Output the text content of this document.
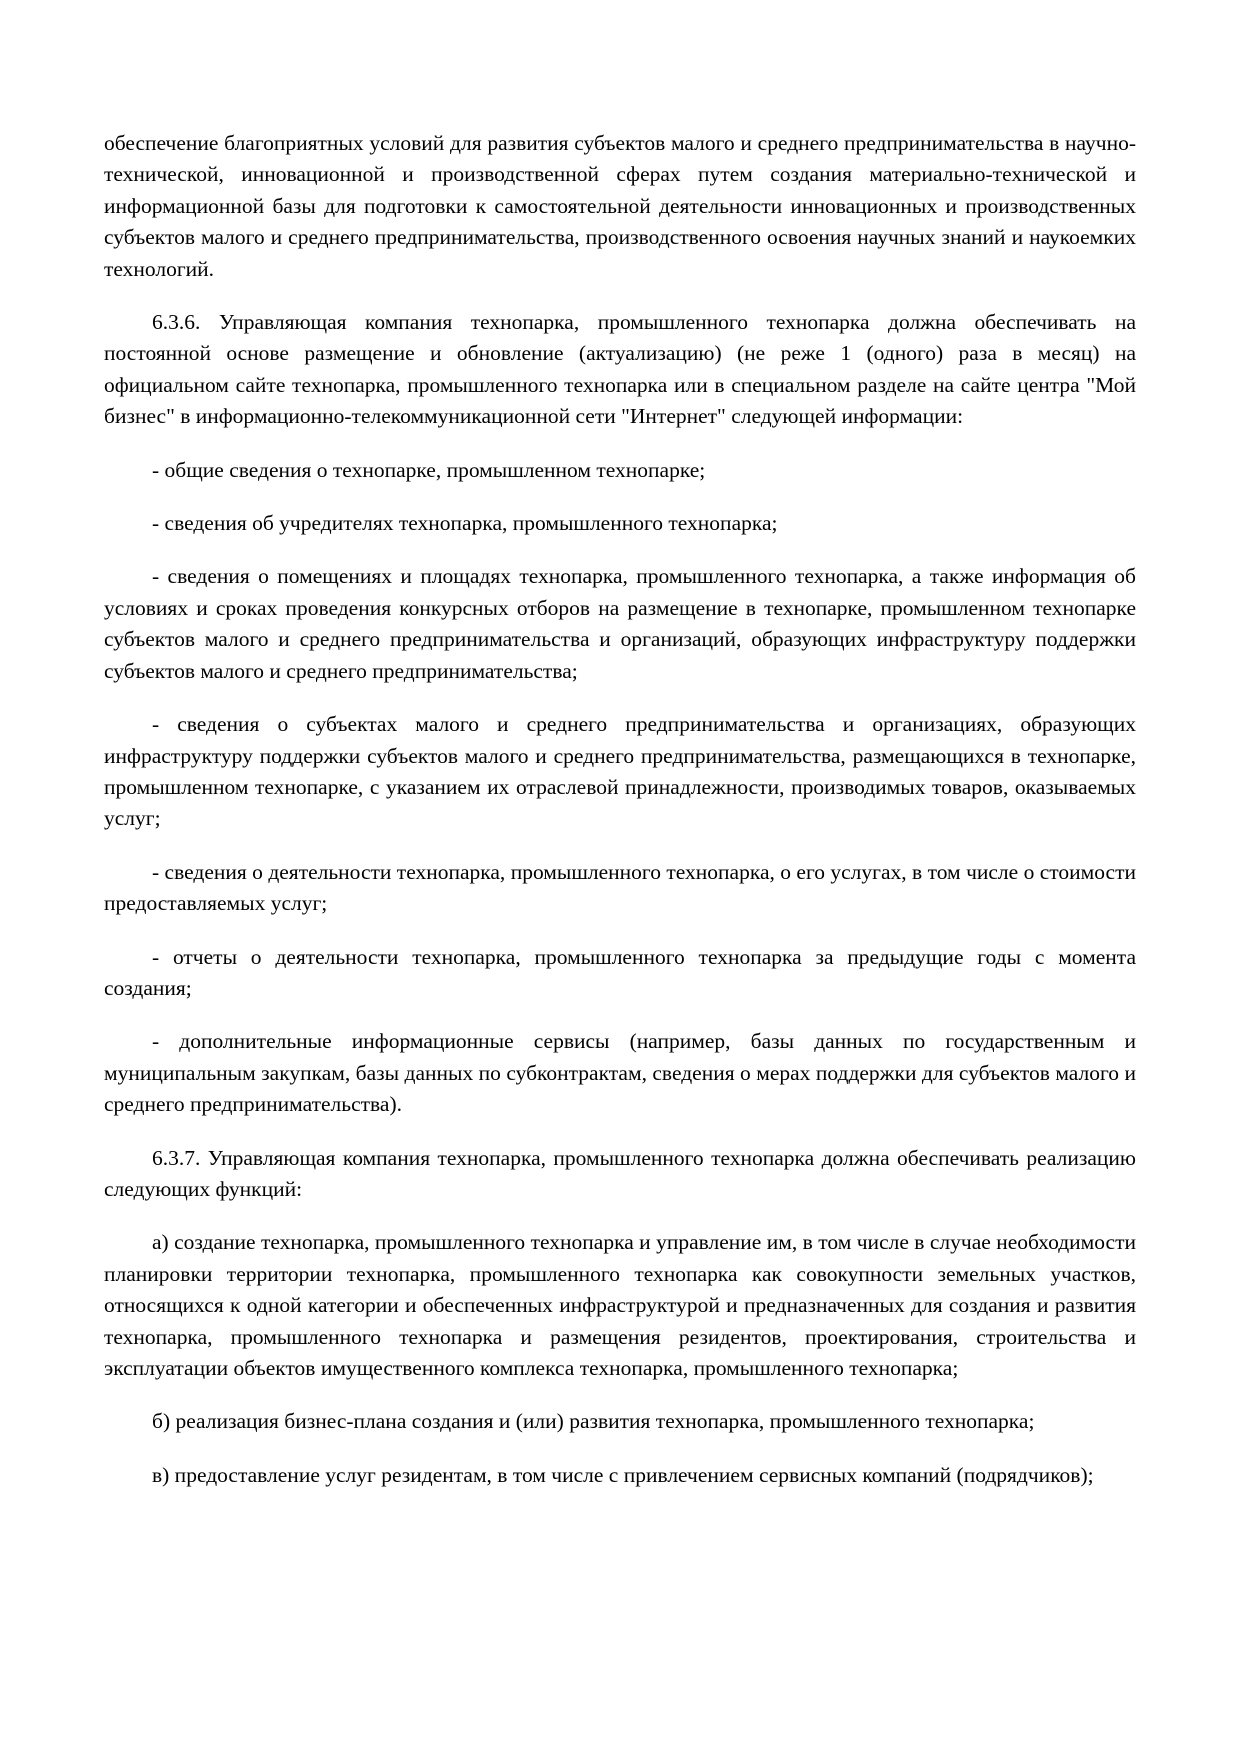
обеспечение благоприятных условий для развития субъектов малого и среднего предпринимательства в научно-технической, инновационной и производственной сферах путем создания материально-технической и информационной базы для подготовки к самостоятельной деятельности инновационных и производственных субъектов малого и среднего предпринимательства, производственного освоения научных знаний и наукоемких технологий.

6.3.6. Управляющая компания технопарка, промышленного технопарка должна обеспечивать на постоянной основе размещение и обновление (актуализацию) (не реже 1 (одного) раза в месяц) на официальном сайте технопарка, промышленного технопарка или в специальном разделе на сайте центра "Мой бизнес" в информационно-телекоммуникационной сети "Интернет" следующей информации:

- общие сведения о технопарке, промышленном технопарке;

- сведения об учредителях технопарка, промышленного технопарка;

- сведения о помещениях и площадях технопарка, промышленного технопарка, а также информация об условиях и сроках проведения конкурсных отборов на размещение в технопарке, промышленном технопарке субъектов малого и среднего предпринимательства и организаций, образующих инфраструктуру поддержки субъектов малого и среднего предпринимательства;

- сведения о субъектах малого и среднего предпринимательства и организациях, образующих инфраструктуру поддержки субъектов малого и среднего предпринимательства, размещающихся в технопарке, промышленном технопарке, с указанием их отраслевой принадлежности, производимых товаров, оказываемых услуг;

- сведения о деятельности технопарка, промышленного технопарка, о его услугах, в том числе о стоимости предоставляемых услуг;

- отчеты о деятельности технопарка, промышленного технопарка за предыдущие годы с момента создания;

- дополнительные информационные сервисы (например, базы данных по государственным и муниципальным закупкам, базы данных по субконтрактам, сведения о мерах поддержки для субъектов малого и среднего предпринимательства).

6.3.7. Управляющая компания технопарка, промышленного технопарка должна обеспечивать реализацию следующих функций:

а) создание технопарка, промышленного технопарка и управление им, в том числе в случае необходимости планировки территории технопарка, промышленного технопарка как совокупности земельных участков, относящихся к одной категории и обеспеченных инфраструктурой и предназначенных для создания и развития технопарка, промышленного технопарка и размещения резидентов, проектирования, строительства и эксплуатации объектов имущественного комплекса технопарка, промышленного технопарка;

б) реализация бизнес-плана создания и (или) развития технопарка, промышленного технопарка;

в) предоставление услуг резидентам, в том числе с привлечением сервисных компаний (подрядчиков);
